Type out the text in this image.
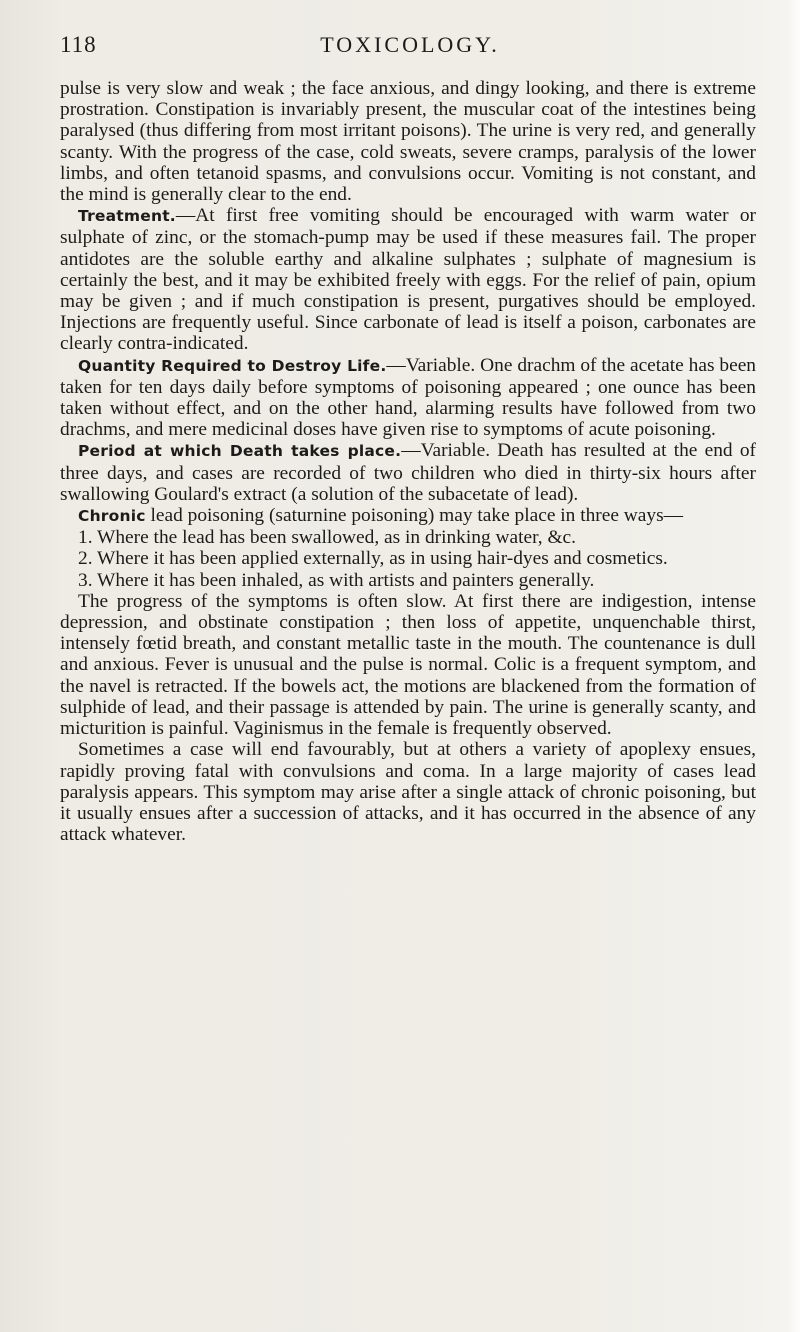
118	TOXICOLOGY.

pulse is very slow and weak ; the face anxious, and dingy looking, and there is extreme prostration. Constipation is invariably present, the muscular coat of the intestines being paralysed (thus differing from most irritant poisons). The urine is very red, and generally scanty. With the progress of the case, cold sweats, severe cramps, paralysis of the lower limbs, and often tetanoid spasms, and convulsions occur. Vomiting is not constant, and the mind is generally clear to the end.

Treatment.—At first free vomiting should be encouraged with warm water or sulphate of zinc, or the stomach-pump may be used if these measures fail. The proper antidotes are the soluble earthy and alkaline sulphates ; sulphate of magnesium is certainly the best, and it may be exhibited freely with eggs. For the relief of pain, opium may be given ; and if much constipation is present, purgatives should be employed. Injections are frequently useful. Since carbonate of lead is itself a poison, carbonates are clearly contra-indicated.

Quantity Required to Destroy Life.—Variable. One drachm of the acetate has been taken for ten days daily before symptoms of poisoning appeared ; one ounce has been taken without effect, and on the other hand, alarming results have followed from two drachms, and mere medicinal doses have given rise to symptoms of acute poisoning.

Period at which Death takes place.—Variable. Death has resulted at the end of three days, and cases are recorded of two children who died in thirty-six hours after swallowing Goulard's extract (a solution of the subacetate of lead).

Chronic lead poisoning (saturnine poisoning) may take place in three ways—

1. Where the lead has been swallowed, as in drinking water, &c.

2. Where it has been applied externally, as in using hair-dyes and cosmetics.

3. Where it has been inhaled, as with artists and painters generally.

The progress of the symptoms is often slow. At first there are indigestion, intense depression, and obstinate constipation ; then loss of appetite, unquenchable thirst, intensely fœtid breath, and constant metallic taste in the mouth. The countenance is dull and anxious. Fever is unusual and the pulse is normal. Colic is a frequent symptom, and the navel is retracted. If the bowels act, the motions are blackened from the formation of sulphide of lead, and their passage is attended by pain. The urine is generally scanty, and micturition is painful. Vaginismus in the female is frequently observed.

Sometimes a case will end favourably, but at others a variety of apoplexy ensues, rapidly proving fatal with convulsions and coma. In a large majority of cases lead paralysis appears. This symptom may arise after a single attack of chronic poisoning, but it usually ensues after a succession of attacks, and it has occurred in the absence of any attack whatever.
